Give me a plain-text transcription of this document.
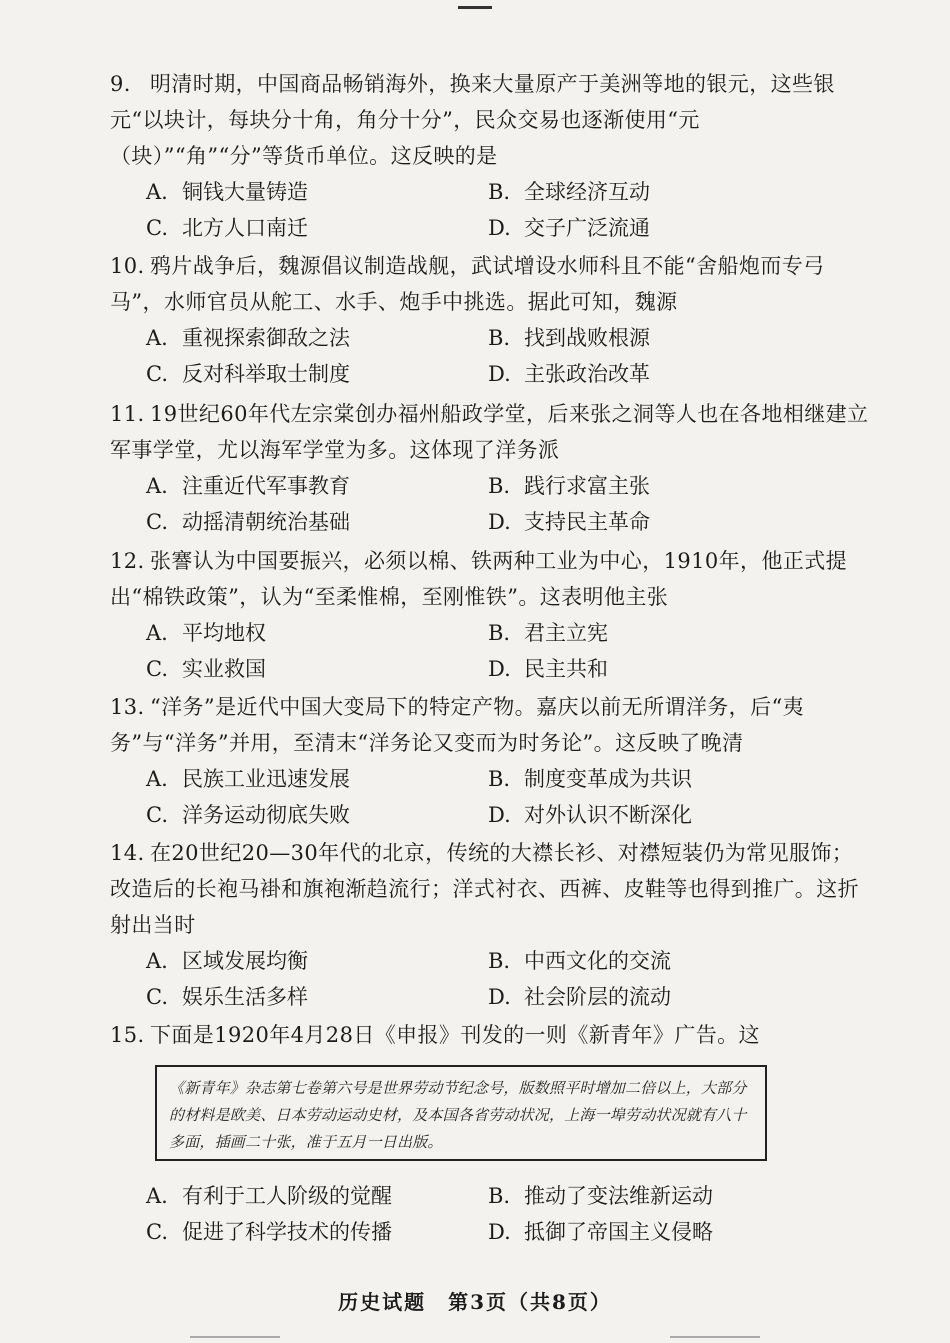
9. 明清时期，中国商品畅销海外，换来大量原产于美洲等地的银元，这些银元“以块计，每块分十角，角分十分”，民众交易也逐渐使用“元（块）”“角”“分”等货币单位。这反映的是
A. 铜钱大量铸造	B. 全球经济互动
C. 北方人口南迁	D. 交子广泛流通
10. 鸦片战争后，魏源倡议制造战舰，武试增设水师科且不能“舍船炮而专弓马”，水师官员从舵工、水手、炮手中挑选。据此可知，魏源
A. 重视探索御敌之法	B. 找到战败根源
C. 反对科举取士制度	D. 主张政治改革
11. 19世纪60年代左宗棠创办福州船政学堂，后来张之洞等人也在各地相继建立军事学堂，尤以海军学堂为多。这体现了洋务派
A. 注重近代军事教育	B. 践行求富主张
C. 动摇清朝统治基础	D. 支持民主革命
12. 张謇认为中国要振兴，必须以棉、铁两种工业为中心，1910年，他正式提出“棉铁政策”，认为“至柔惟棉，至刚惟铁”。这表明他主张
A. 平均地权	B. 君主立宪
C. 实业救国	D. 民主共和
13. “洋务”是近代中国大变局下的特定产物。嘉庆以前无所谓洋务，后“夷务”与“洋务”并用，至清末“洋务论又变而为时务论”。这反映了晚清
A. 民族工业迅速发展	B. 制度变革成为共识
C. 洋务运动彻底失败	D. 对外认识不断深化
14. 在20世纪20—30年代的北京，传统的大襟长衫、对襟短装仍为常见服饰；改造后的长袍马褂和旗袍渐趋流行；洋式衬衣、西裤、皮鞋等也得到推广。这折射出当时
A. 区域发展均衡	B. 中西文化的交流
C. 娱乐生活多样	D. 社会阶层的流动
15. 下面是1920年4月28日《申报》刊发的一则《新青年》广告。这
《新青年》杂志第七卷第六号是世界劳动节纪念号，版数照平时增加二倍以上，大部分的材料是欧美、日本劳动运动史材，及本国各省劳动状况，上海一埠劳动状况就有八十多面，插画二十张，准于五月一日出版。
A. 有利于工人阶级的觉醒	B. 推动了变法维新运动
C. 促进了科学技术的传播	D. 抵御了帝国主义侵略
历史试题　第3页（共8页）
